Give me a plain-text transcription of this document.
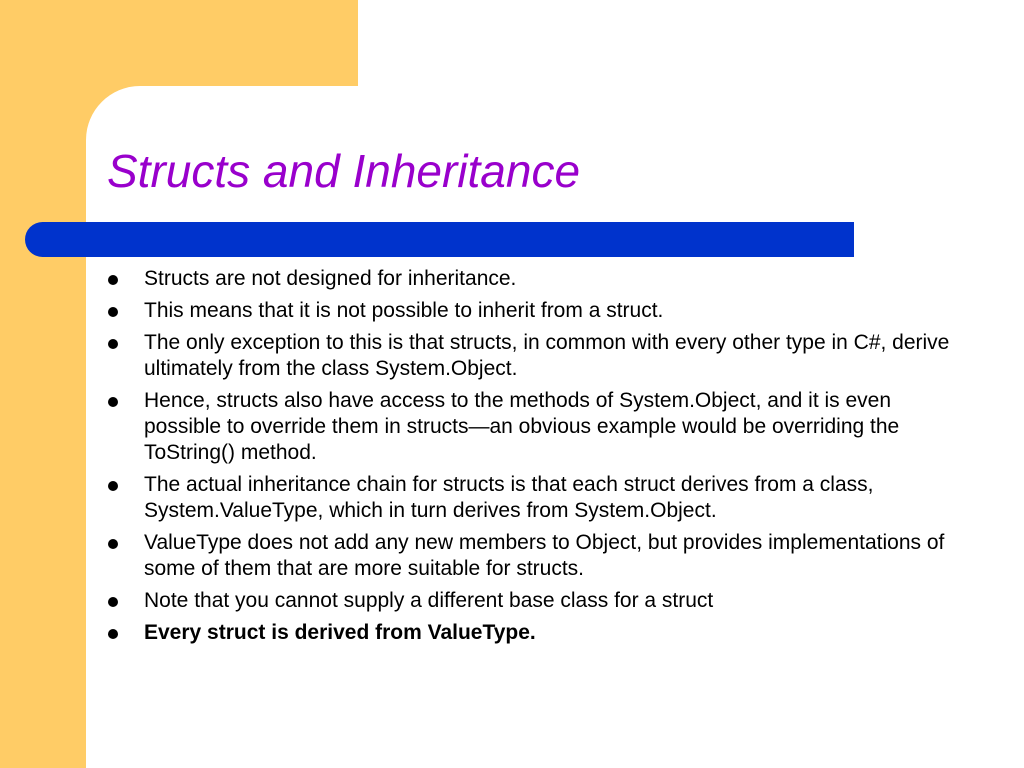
Structs and Inheritance
Structs are not designed for inheritance.
This means that it is not possible to inherit from a struct.
The only exception to this is that structs, in common with every other type in C#, derive ultimately from the class System.Object.
Hence, structs also have access to the methods of System.Object, and it is even possible to override them in structs—an obvious example would be overriding the ToString() method.
The actual inheritance chain for structs is that each struct derives from a class, System.ValueType, which in turn derives from System.Object.
ValueType does not add any new members to Object, but provides implementations of some of them that are more suitable for structs.
Note that you cannot supply a different base class for a struct
Every struct is derived from ValueType.
